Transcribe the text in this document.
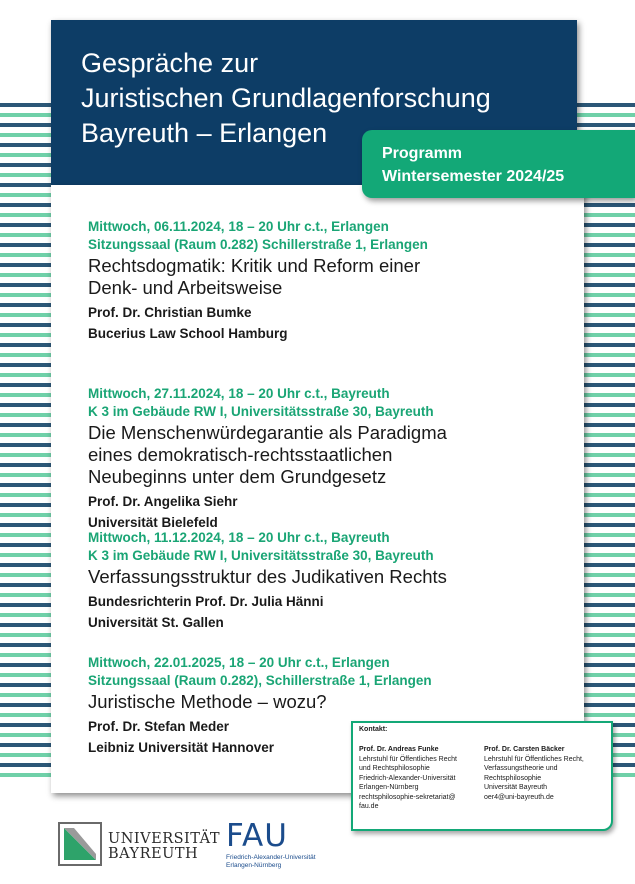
Gespräche zur
Juristischen Grundlagenforschung
Bayreuth – Erlangen
Mittwoch, 06.11.2024, 18 – 20 Uhr c.t., Erlangen
Sitzungssaal (Raum 0.282) Schillerstraße 1, Erlangen
Rechtsdogmatik: Kritik und Reform einer
Denk- und Arbeitsweise
Prof. Dr. Christian Bumke
Bucerius Law School Hamburg
Mittwoch, 27.11.2024, 18 – 20 Uhr c.t., Bayreuth
K 3 im Gebäude RW I, Universitätsstraße 30, Bayreuth
Die Menschenwürdegarantie als Paradigma
eines demokratisch-rechtsstaatlichen
Neubeginns unter dem Grundgesetz
Prof. Dr. Angelika Siehr
Universität Bielefeld
Mittwoch, 11.12.2024, 18 – 20 Uhr c.t., Bayreuth
K 3 im Gebäude RW I, Universitätsstraße 30, Bayreuth
Verfassungsstruktur des Judikativen Rechts
Bundesrichterin Prof. Dr. Julia Hänni
Universität St. Gallen
Mittwoch, 22.01.2025, 18 – 20 Uhr c.t., Erlangen
Sitzungssaal (Raum 0.282), Schillerstraße 1, Erlangen
Juristische Methode – wozu?
Prof. Dr. Stefan Meder
Leibniz Universität Hannover
Programm
Wintersemester 2024/25
Kontakt:
Prof. Dr. Andreas Funke
Lehrstuhl für Öffentliches Recht
und Rechtsphilosophie
Friedrich-Alexander-Universität
Erlangen-Nürnberg
rechtsphilosophie-sekretariat@
fau.de
Prof. Dr. Carsten Bäcker
Lehrstuhl für Öffentliches Recht,
Verfassungstheorie und
Rechtsphilosophie
Universität Bayreuth
oer4@uni-bayreuth.de
UNIVERSITÄT
BAYREUTH FAU
Friedrich-Alexander-Universität
Erlangen-Nürnberg
